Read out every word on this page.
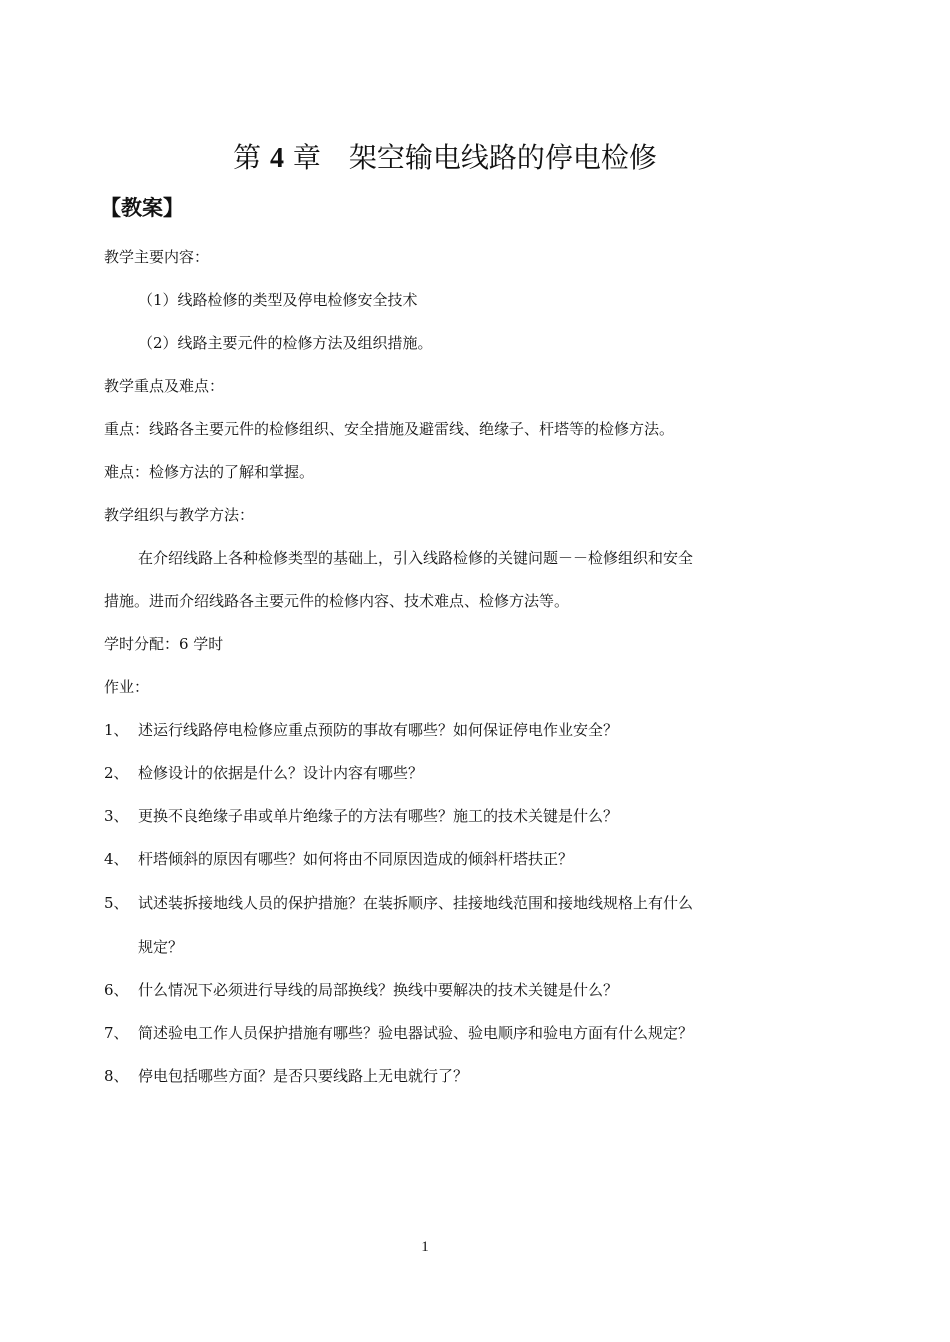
第 4 章 架空输电线路的停电检修
【教案】
教学主要内容：
（1）线路检修的类型及停电检修安全技术
（2）线路主要元件的检修方法及组织措施。
教学重点及难点：
重点：线路各主要元件的检修组织、安全措施及避雷线、绝缘子、杆塔等的检修方法。
难点：检修方法的了解和掌握。
教学组织与教学方法：
在介绍线路上各种检修类型的基础上，引入线路检修的关键问题－－检修组织和安全
措施。进而介绍线路各主要元件的检修内容、技术难点、检修方法等。
学时分配：6 学时
作业：
1、 述运行线路停电检修应重点预防的事故有哪些？如何保证停电作业安全？
2、 检修设计的依据是什么？设计内容有哪些？
3、 更换不良绝缘子串或单片绝缘子的方法有哪些？施工的技术关键是什么？
4、 杆塔倾斜的原因有哪些？如何将由不同原因造成的倾斜杆塔扶正？
5、 试述装拆接地线人员的保护措施？在装拆顺序、挂接地线范围和接地线规格上有什么
规定？
6、 什么情况下必须进行导线的局部换线？换线中要解决的技术关键是什么？
7、 简述验电工作人员保护措施有哪些？验电器试验、验电顺序和验电方面有什么规定？
8、 停电包括哪些方面？是否只要线路上无电就行了？
1
